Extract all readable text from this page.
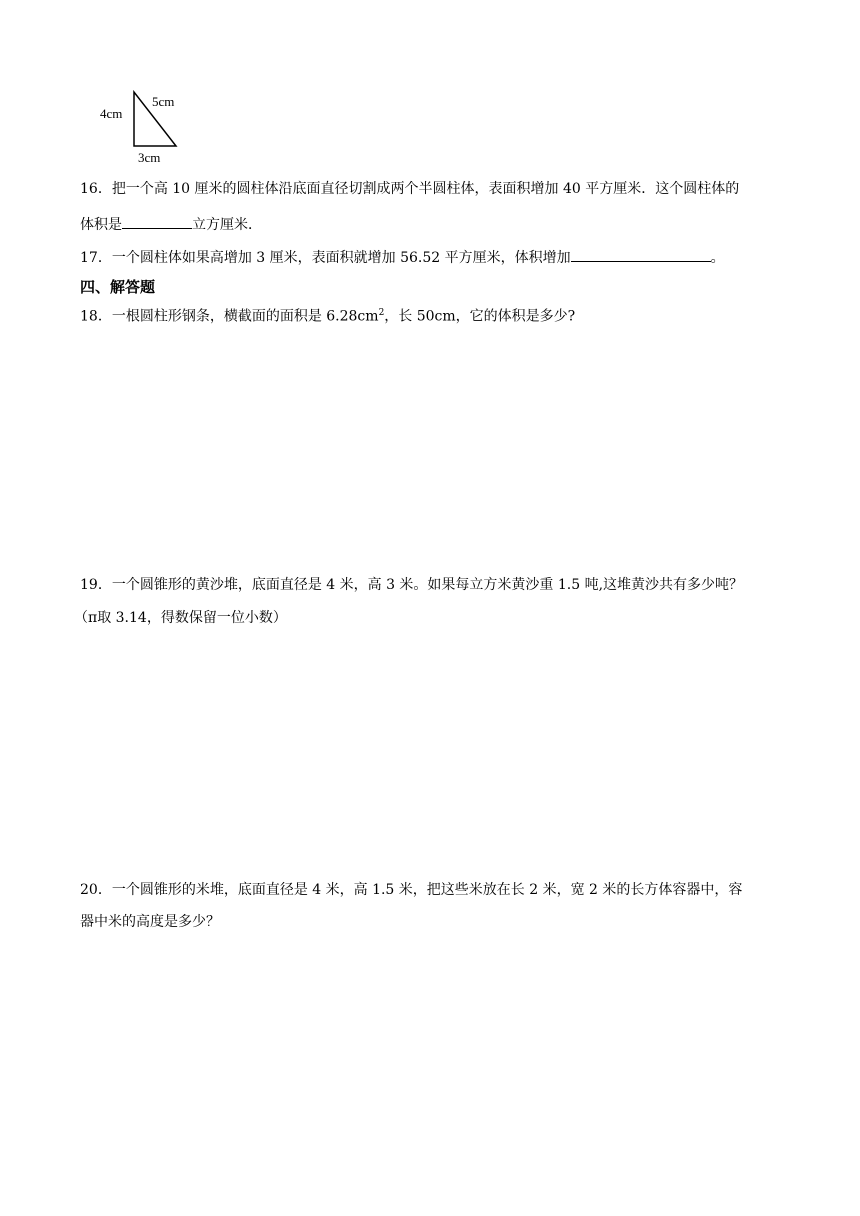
4cm
5cm
3cm
16．把一个高 10 厘米的圆柱体沿底面直径切割成两个半圆柱体，表面积增加 40 平方厘米．这个圆柱体的
体积是	立方厘米．
17．一个圆柱体如果高增加 3 厘米，表面积就增加 56.52 平方厘米，体积增加	。
四、解答题
18．一根圆柱形钢条，横截面的面积是 $6.28cm^2$，长 50cm，它的体积是多少?
19．一个圆锥形的黄沙堆，底面直径是 4 米，高 3 米。如果每立方米黄沙重 1.5 吨,这堆黄沙共有多少吨？
（π取 3.14，得数保留一位小数）
20．一个圆锥形的米堆，底面直径是 4 米，高 1.5 米，把这些米放在长 2 米，宽 2 米的长方体容器中，容
器中米的高度是多少？
